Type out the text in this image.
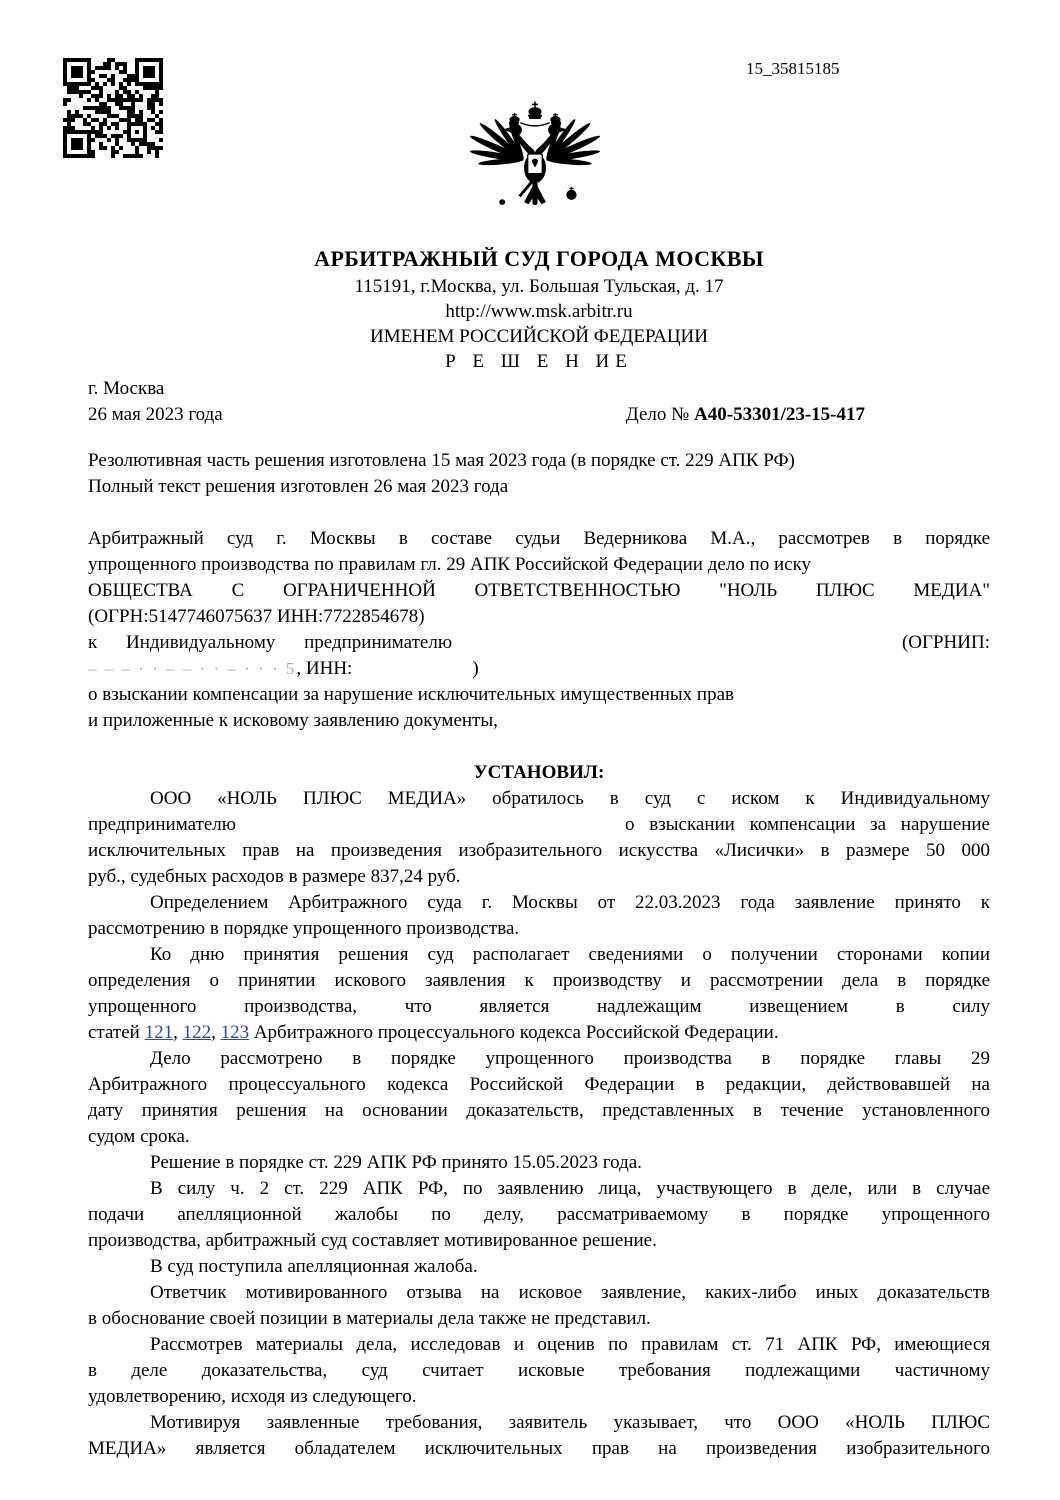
15_35815185
АРБИТРАЖНЫЙ СУД ГОРОДА МОСКВЫ
115191, г.Москва, ул. Большая Тульская, д. 17
http://www.msk.arbitr.ru
ИМЕНЕМ РОССИЙСКОЙ ФЕДЕРАЦИИ
Р Е Ш Е Н ИЕ
г. Москва
26 мая 2023 года	Дело № А40-53301/23-15-417
Резолютивная часть решения изготовлена 15 мая 2023 года (в порядке ст. 229 АПК РФ)
Полный текст решения изготовлен 26 мая 2023 года
Арбитражный суд г. Москвы в составе судьи Ведерникова М.А., рассмотрев в порядке
упрощенного производства по правилам гл. 29 АПК Российской Федерации дело по иску
ОБЩЕСТВА С ОГРАНИЧЕННОЙ ОТВЕТСТВЕННОСТЬЮ "НОЛЬ ПЛЮС МЕДИА"
(ОГРН:5147746075637 ИНН:7722854678)
к Индивидуальному предпринимателю	(ОГРНИП:
– – – · · – – · · – · · · 5 , ИНН:	)
о взыскании компенсации за нарушение исключительных имущественных прав
и приложенные к исковому заявлению документы,
УСТАНОВИЛ:
ООО «НОЛЬ ПЛЮС МЕДИА» обратилось в суд с иском к Индивидуальному
предпринимателю	о взыскании компенсации за нарушение
исключительных прав на произведения изобразительного искусства «Лисички» в размере 50 000
руб., судебных расходов в размере 837,24 руб.
Определением Арбитражного суда г. Москвы от 22.03.2023 года заявление принято к
рассмотрению в порядке упрощенного производства.
Ко дню принятия решения суд располагает сведениями о получении сторонами копии
определения о принятии искового заявления к производству и рассмотрении дела в порядке
упрощенного производства, что является надлежащим извещением в силу
статей 121, 122, 123 Арбитражного процессуального кодекса Российской Федерации.
Дело рассмотрено в порядке упрощенного производства в порядке главы 29
Арбитражного процессуального кодекса Российской Федерации в редакции, действовавшей на
дату принятия решения на основании доказательств, представленных в течение установленного
судом срока.
Решение в порядке ст. 229 АПК РФ принято 15.05.2023 года.
В силу ч. 2 ст. 229 АПК РФ, по заявлению лица, участвующего в деле, или в случае
подачи апелляционной жалобы по делу, рассматриваемому в порядке упрощенного
производства, арбитражный суд составляет мотивированное решение.
В суд поступила апелляционная жалоба.
Ответчик мотивированного отзыва на исковое заявление, каких-либо иных доказательств
в обоснование своей позиции в материалы дела также не представил.
Рассмотрев материалы дела, исследовав и оценив по правилам ст. 71 АПК РФ, имеющиеся
в деле доказательства, суд считает исковые требования подлежащими частичному
удовлетворению, исходя из следующего.
Мотивируя заявленные требования, заявитель указывает, что ООО «НОЛЬ ПЛЮС
МЕДИА» является обладателем исключительных прав на произведения изобразительного
